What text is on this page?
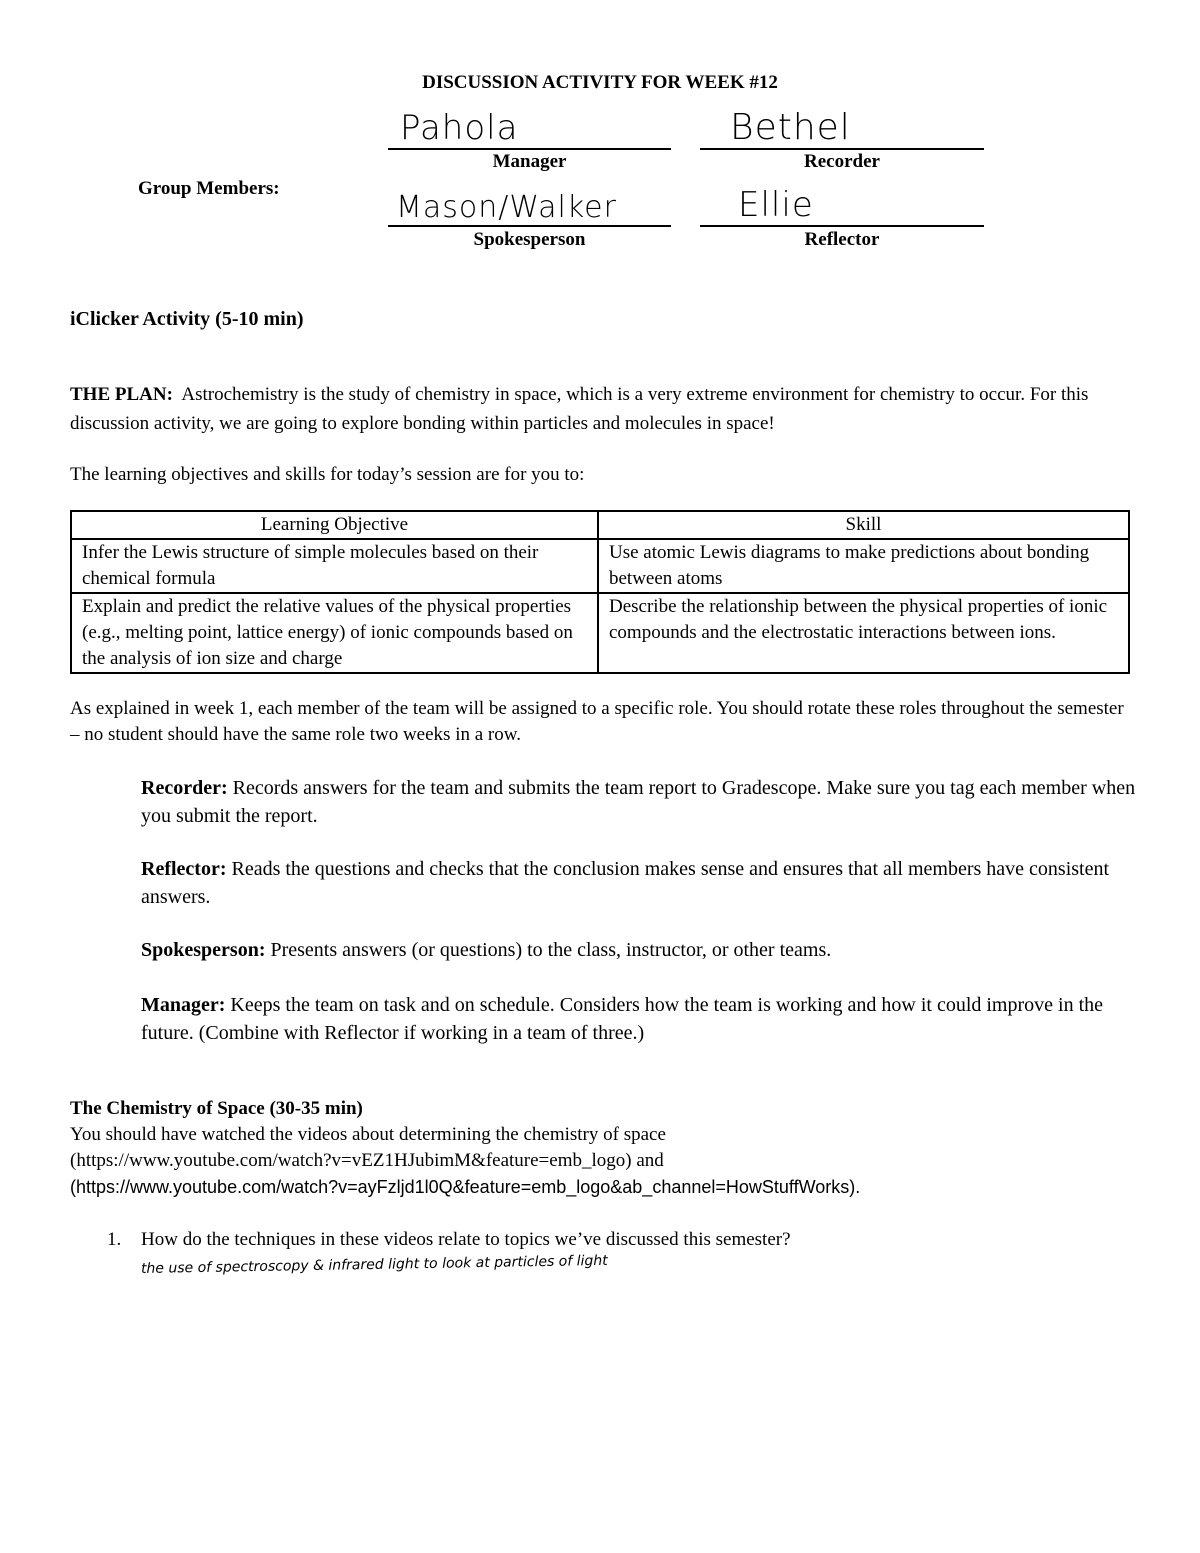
DISCUSSION ACTIVITY FOR WEEK #12
Group Members:
Pahola
Manager
Bethel
Recorder
Mason/Walker
Spokesperson
Ellie
Reflector
iClicker Activity (5-10 min)

THE PLAN: Astrochemistry is the study of chemistry in space, which is a very extreme environment for chemistry to occur. For this discussion activity, we are going to explore bonding within particles and molecules in space!

The learning objectives and skills for today’s session are for you to:

Learning Objective	Skill
Infer the Lewis structure of simple molecules based on their chemical formula	Use atomic Lewis diagrams to make predictions about bonding between atoms
Explain and predict the relative values of the physical properties (e.g., melting point, lattice energy) of ionic compounds based on the analysis of ion size and charge	Describe the relationship between the physical properties of ionic compounds and the electrostatic interactions between ions.

As explained in week 1, each member of the team will be assigned to a specific role. You should rotate these roles throughout the semester – no student should have the same role two weeks in a row.

Recorder: Records answers for the team and submits the team report to Gradescope. Make sure you tag each member when you submit the report.
Reflector: Reads the questions and checks that the conclusion makes sense and ensures that all members have consistent answers.
Spokesperson: Presents answers (or questions) to the class, instructor, or other teams.
Manager: Keeps the team on task and on schedule. Considers how the team is working and how it could improve in the future. (Combine with Reflector if working in a team of three.)
The Chemistry of Space (30-35 min)

You should have watched the videos about determining the chemistry of space

(https://www.youtube.com/watch?v=vEZ1HJubimM&feature=emb_logo) and

(https://www.youtube.com/watch?v=ayFzljd1l0Q&feature=emb_logo&ab_channel=HowStuffWorks).

1. How do the techniques in these videos relate to topics we’ve discussed this semester?
the use of spectroscopy & infrared light to look at particles of light
